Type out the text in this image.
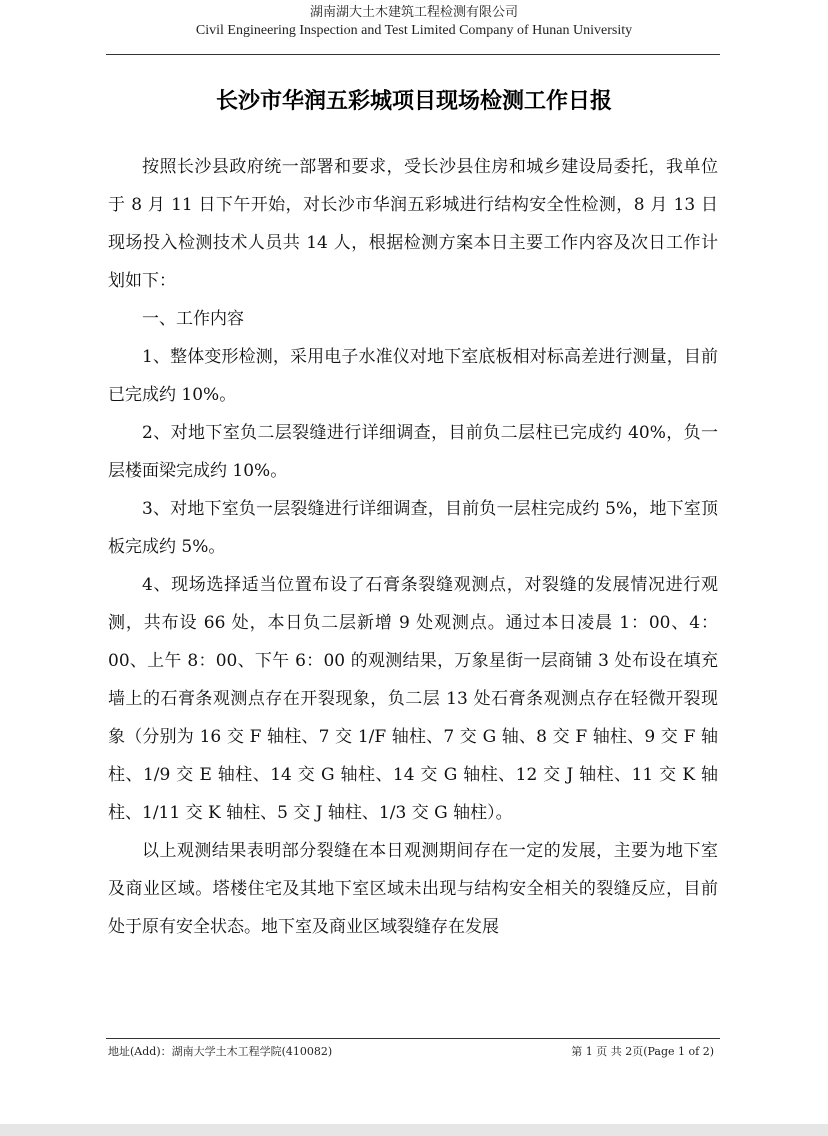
湖南湖大土木建筑工程检测有限公司
Civil Engineering Inspection and Test Limited Company of Hunan University
长沙市华润五彩城项目现场检测工作日报

按照长沙县政府统一部署和要求，受长沙县住房和城乡建设局委托，我单位于 8 月 11 日下午开始，对长沙市华润五彩城进行结构安全性检测，8 月 13 日现场投入检测技术人员共 14 人，根据检测方案本日主要工作内容及次日工作计划如下：

一、工作内容

1、整体变形检测，采用电子水准仪对地下室底板相对标高差进行测量，目前已完成约 10%。

2、对地下室负二层裂缝进行详细调查，目前负二层柱已完成约 40%，负一层楼面梁完成约 10%。

3、对地下室负一层裂缝进行详细调查，目前负一层柱完成约 5%，地下室顶板完成约 5%。

4、现场选择适当位置布设了石膏条裂缝观测点，对裂缝的发展情况进行观测，共布设 66 处，本日负二层新增 9 处观测点。通过本日凌晨 1：00、4：00、上午 8：00、下午 6：00 的观测结果，万象星街一层商铺 3 处布设在填充墙上的石膏条观测点存在开裂现象，负二层 13 处石膏条观测点存在轻微开裂现象（分别为 16 交 F 轴柱、7 交 1/F 轴柱、7 交 G 轴、8 交 F 轴柱、9 交 F 轴柱、1/9 交 E 轴柱、14 交 G 轴柱、14 交 G 轴柱、12 交 J 轴柱、11 交 K 轴柱、1/11 交 K 轴柱、5 交 J 轴柱、1/3 交 G 轴柱）。

以上观测结果表明部分裂缝在本日观测期间存在一定的发展，主要为地下室及商业区域。塔楼住宅及其地下室区域未出现与结构安全相关的裂缝反应，目前处于原有安全状态。地下室及商业区域裂缝存在发展

地址(Add)：湖南大学土木工程学院(410082)	第 1 页 共 2页(Page 1 of 2)
